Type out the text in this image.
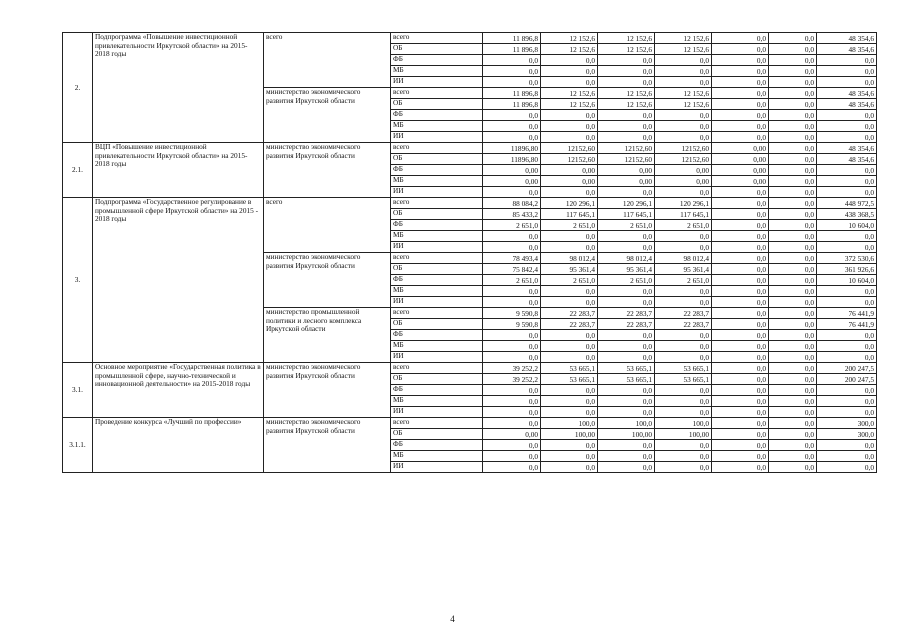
2.	Подпрограмма «Повышение инвестиционной привлекательности Иркутской области» на 2015-2018 годы	всего	всего	11 896,8	12 152,6	12 152,6	12 152,6	0,0	0,0	48 354,6
			ОБ	11 896,8	12 152,6	12 152,6	12 152,6	0,0	0,0	48 354,6
			ФБ	0,0	0,0	0,0	0,0	0,0	0,0	0,0
			МБ	0,0	0,0	0,0	0,0	0,0	0,0	0,0
			ИИ	0,0	0,0	0,0	0,0	0,0	0,0	0,0
		министерство экономического развития Иркутской области	всего	11 896,8	12 152,6	12 152,6	12 152,6	0,0	0,0	48 354,6
			ОБ	11 896,8	12 152,6	12 152,6	12 152,6	0,0	0,0	48 354,6
			ФБ	0,0	0,0	0,0	0,0	0,0	0,0	0,0
			МБ	0,0	0,0	0,0	0,0	0,0	0,0	0,0
			ИИ	0,0	0,0	0,0	0,0	0,0	0,0	0,0
2.1.	ВЦП «Повышение инвестиционной привлекательности Иркутской области» на 2015-2018 годы	министерство экономического развития Иркутской области	всего	11896,80	12152,60	12152,60	12152,60	0,00	0,0	48 354,6
			ОБ	11896,80	12152,60	12152,60	12152,60	0,00	0,0	48 354,6
			ФБ	0,00	0,00	0,00	0,00	0,00	0,0	0,0
			МБ	0,00	0,00	0,00	0,00	0,00	0,0	0,0
			ИИ	0,0	0,0	0,0	0,0	0,0	0,0	0,0
3.	Подпрограмма «Государственное регулирование в промышленной сфере Иркутской области» на 2015 - 2018 годы	всего	всего	88 084,2	120 296,1	120 296,1	120 296,1	0,0	0,0	448 972,5
			ОБ	85 433,2	117 645,1	117 645,1	117 645,1	0,0	0,0	438 368,5
			ФБ	2 651,0	2 651,0	2 651,0	2 651,0	0,0	0,0	10 604,0
			МБ	0,0	0,0	0,0	0,0	0,0	0,0	0,0
			ИИ	0,0	0,0	0,0	0,0	0,0	0,0	0,0
		министерство экономического развития Иркутской области	всего	78 493,4	98 012,4	98 012,4	98 012,4	0,0	0,0	372 530,6
			ОБ	75 842,4	95 361,4	95 361,4	95 361,4	0,0	0,0	361 926,6
			ФБ	2 651,0	2 651,0	2 651,0	2 651,0	0,0	0,0	10 604,0
			МБ	0,0	0,0	0,0	0,0	0,0	0,0	0,0
			ИИ	0,0	0,0	0,0	0,0	0,0	0,0	0,0
		министерство промышленной политики и лесного комплекса Иркутской области	всего	9 590,8	22 283,7	22 283,7	22 283,7	0,0	0,0	76 441,9
			ОБ	9 590,8	22 283,7	22 283,7	22 283,7	0,0	0,0	76 441,9
			ФБ	0,0	0,0	0,0	0,0	0,0	0,0	0,0
			МБ	0,0	0,0	0,0	0,0	0,0	0,0	0,0
			ИИ	0,0	0,0	0,0	0,0	0,0	0,0	0,0
3.1.	Основное мероприятие «Государственная политика в промышленной сфере, научно-технической и инновационной деятельности» на 2015-2018 годы	министерство экономического развития Иркутской области	всего	39 252,2	53 665,1	53 665,1	53 665,1	0,0	0,0	200 247,5
			ОБ	39 252,2	53 665,1	53 665,1	53 665,1	0,0	0,0	200 247,5
			ФБ	0,0	0,0	0,0	0,0	0,0	0,0	0,0
			МБ	0,0	0,0	0,0	0,0	0,0	0,0	0,0
			ИИ	0,0	0,0	0,0	0,0	0,0	0,0	0,0
3.1.1.	Проведение конкурса «Лучший по профессии»	министерство экономического развития Иркутской области	всего	0,0	100,0	100,0	100,0	0,0	0,0	300,0
			ОБ	0,00	100,00	100,00	100,00	0,0	0,0	300,0
			ФБ	0,0	0,0	0,0	0,0	0,0	0,0	0,0
			МБ	0,0	0,0	0,0	0,0	0,0	0,0	0,0
			ИИ	0,0	0,0	0,0	0,0	0,0	0,0	0,0
4
